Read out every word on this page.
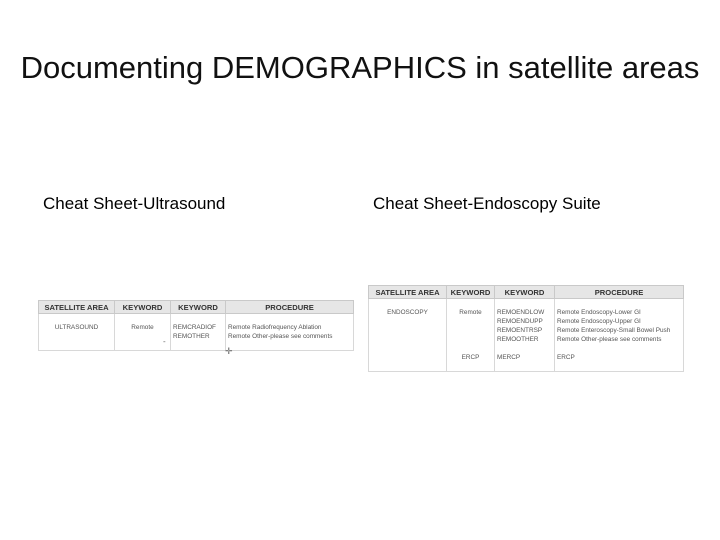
Documenting DEMOGRAPHICS in satellite areas
Cheat Sheet-Ultrasound	Cheat Sheet-Endoscopy Suite
SATELLITE AREA	KEYWORD	KEYWORD	PROCEDURE

ULTRASOUND	Remote	REMCRADIOF	Remote Radiofrequency Ablation
		REMOTHER	Remote Other-please see comments

-
✛
SATELLITE AREA	KEYWORD	KEYWORD	PROCEDURE

ENDOSCOPY	Remote	REMOENDLOW	Remote Endoscopy-Lower GI
		REMOENDUPP	Remote Endoscopy-Upper GI
		REMOENTRSP	Remote Enteroscopy-Small Bowel Push
		REMOOTHER	Remote Other-please see comments

	ERCP	MERCP	ERCP
